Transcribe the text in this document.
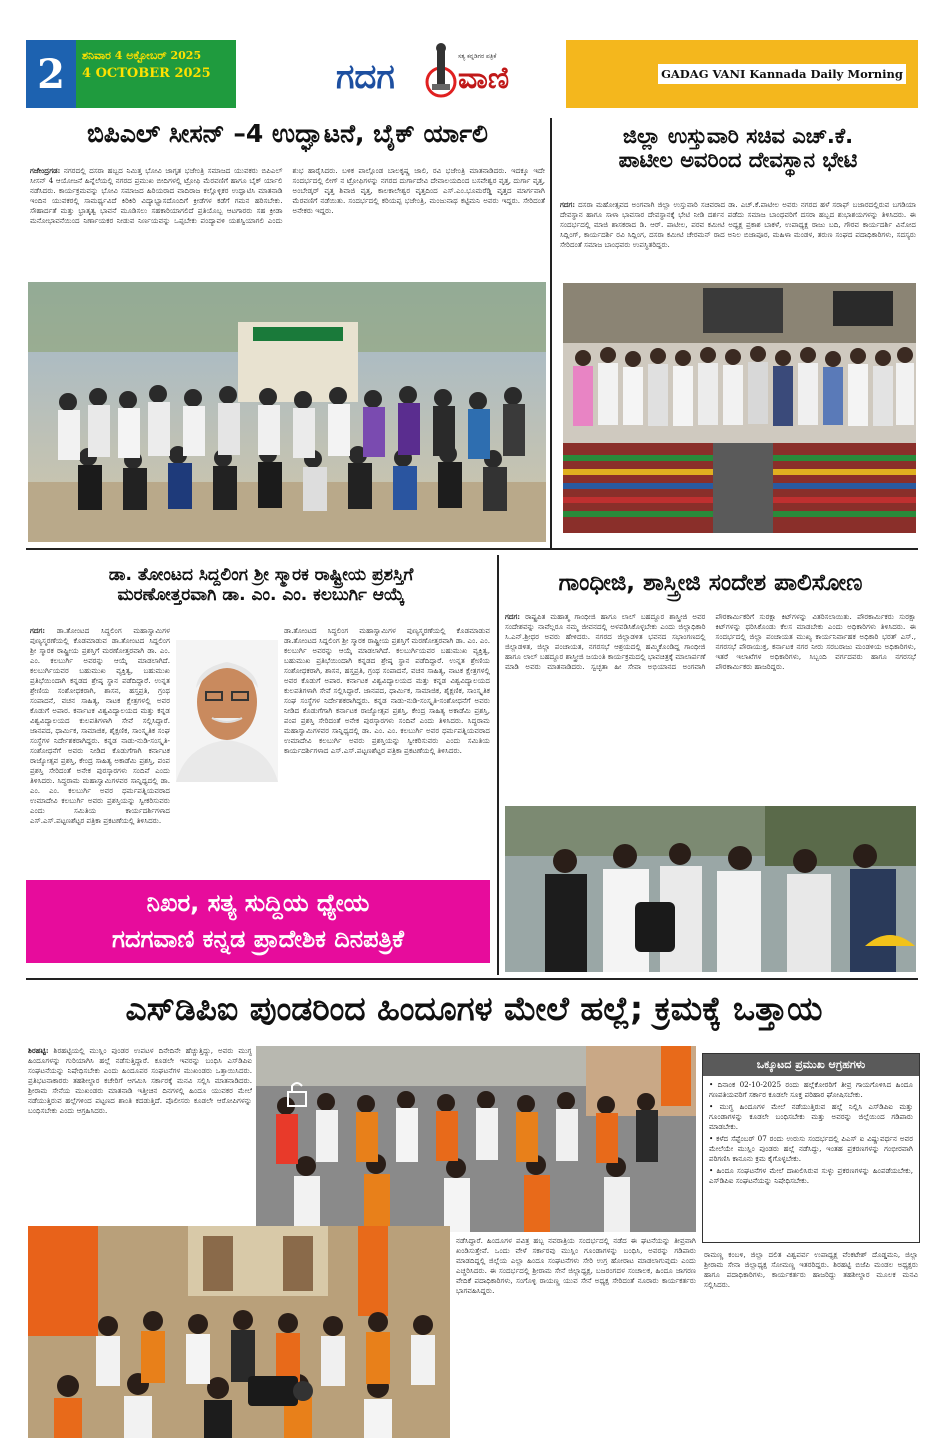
2	ಶನಿವಾರ 4 ಅಕ್ಟೋಬರ್ 2025
4 OCTOBER 2025	ಗದಗ ವಾಣಿ
ಸತ್ಯ ಕನ್ನಡಿಗರ ಪತ್ರಿಕೆ
GADAG VANI Kannada Daily Morning
ಬಿಪಿಎಲ್ ಸೀಸನ್ –4 ಉದ್ಘಾಟನೆ, ಬೈಕ್ ರ್ಯಾಲಿ
ಗಜೇಂದ್ರಗಡ: ನಗರದಲ್ಲಿ ದಸರಾ ಹಬ್ಬದ ನಿಮಿತ್ತ ಭೋವಿ ಜಾಗೃತ ಭಜೇಂತ್ರಿ ಸಮಾಜದ ಯುವಕರು ಬಿಪಿಎಲ್ ಸೀಸನ್ 4 ಆಯೋಜನೆ ಹಿನ್ನೆಲೆಯಲ್ಲಿ ನಗರದ ಪ್ರಮುಖ ಬೀದಿಗಳಲ್ಲಿ ಟ್ರೋಫಿ ಮೆರವಣಿಗೆ ಹಾಗೂ ಬೈಕ್ ರ್ಯಾಲಿ ನಡೆಸಿದರು. ಕಾರ್ಯಕ್ರಮವನ್ನು ಭೋವಿ ಸಮಾಜದ ಹಿರಿಯರಾದ ವಾದಿರಾಜ ಕಲ್ಲೊಳ್ಳಿಕರ ಉದ್ಘಾಟಿಸಿ ಮಾತನಾಡಿ ಇಂದಿನ ಯುವಕರಲ್ಲಿ ಸಾಮರ್ಥ್ಯವಿದೆ ಕಿರಿಕಿರಿ ವಿದ್ಯಾಭ್ಯಾಸದೊಂದಿಗೆ ಕ್ರೀಡೆಗಳ ಕಡೆಗೆ ಗಮನ ಹರಿಸಬೇಕು. ಸೌಹಾರ್ದತೆ ಮತ್ತು ಭ್ರಾತೃತ್ವ ಭಾವನೆ ಮೂಡಿಸಲು ಸಹಕಾರಿಯಾಗಲಿದೆ ಪ್ರತಿಯೊಬ್ಬ ಆಟಗಾರರು ಸಹ ಕ್ರೀಡಾ ಮನೋಭಾವನೆಯಿಂದ ನಿರ್ಣಾಯಕರ ನೀಡುವ ನಿರ್ಣಯವನ್ನು ಒಪ್ಪಬೇಕು ಪಂದ್ಯಾವಳಿ ಯಶಸ್ವಿಯಾಗಲಿ ಎಂದು ಶುಭ ಹಾರೈಸಿದರು. ಬಳಿಕ ಪಾಲ್ಗೊಂಡ ಬಾಲಕೃಷ್ಣ ಜಾಲಿ, ರವಿ ಭಜೇಂತ್ರಿ ಮಾತನಾಡಿದರು. ಇದಕ್ಕೂ ಇದೇ ಸಂದರ್ಭದಲ್ಲಿ ಲೀಗ್ ನ ಟ್ರೋಫಿಗಳನ್ನು ನಗರದ ದುರ್ಗಾದೇವಿ ದೇವಾಲಯದಿಂದ ಬಸವೇಶ್ವರ ವೃತ್ತ, ದುರ್ಗಾ ವೃತ್ತ, ಅಂಬೇಡ್ಕರ್ ವೃತ್ತ ಶಿವಾಜಿ ವೃತ್ತ, ಕಾಲಕಾಲೇಶ್ವರ ವೃತ್ತದಿಂದ ಎಸ್.ಎಂ.ಭೂಮರೆಡ್ಡಿ ವೃತ್ತದ ಮಾರ್ಗವಾಗಿ ಮೆರವಣಿಗೆ ನಡೆಯಿತು. ಸಂದರ್ಭದಲ್ಲಿ ಕರಿಯಪ್ಪ ಭಜೇಂತ್ರಿ, ಮಂಜುನಾಥ ಕಟ್ಟಿಮನಿ ಅವರು ಇದ್ದರು. ಸೇರಿದಂತೆ ಅನೇಕರು ಇದ್ದರು.
ಜಿಲ್ಲಾ ಉಸ್ತುವಾರಿ ಸಚಿವ ಎಚ್.ಕೆ.
ಪಾಟೀಲ ಅವರಿಂದ ದೇವಸ್ಥಾನ ಭೇಟಿ
ಗದಗ: ದಸರಾ ಮಹೋತ್ಸವದ ಅಂಗವಾಗಿ ಜಿಲ್ಲಾ ಉಸ್ತುವಾರಿ ಸಚಿವರಾದ ಡಾ. ಎಚ್.ಕೆ.ಪಾಟೀಲ ಅವರು ನಗರದ ಹಳೆ ಸರಾಫ್ ಬಜಾರದಲ್ಲಿರುವ ಬಗಡಿಯಾ ದೇವಸ್ಥಾನ ಹಾಗೂ ಸಾಳಾ ಭಾವಸಾರ ದೇವಸ್ಥಾನಕ್ಕೆ ಭೇಟಿ ನೀಡಿ ದರ್ಶನ ಪಡೆದು ಸಮಾಜ ಬಾಂಧವರಿಗೆ ದಸರಾ ಹಬ್ಬದ ಶುಭಾಶಯಗಳನ್ನು ತಿಳಿಸಿದರು. ಈ ಸಂದರ್ಭದಲ್ಲಿ ಮಾಜಿ ಶಾಸಕರಾದ ಡಿ. ಆರ್. ಪಾಟೀಲ, ಪರವ ಕಮೀಟಿ ಅಧ್ಯಕ್ಷ ಪ್ರಕಾಶ ಬಾಕಳೆ, ಉಪಾಧ್ಯಕ್ಷ ರಾಜು ಬದಿ, ಗೌರವ ಕಾರ್ಯದರ್ಶಿ ವಿನೋದ ಸಿದ್ಲಿಂಗ್, ಕಾರ್ಯದರ್ಶಿ ರವಿ ಸಿದ್ಲಿಂಗ, ದಸರಾ ಕಮೀಟಿ ಚೇರಮನ್ ರಾದ ಅನಿಲ ಬಿಜಾಪೂರ, ಮಹಿಳಾ ಮಂಡಳ, ತರುಣ ಸಂಘದ ಪದಾಧಿಕಾರಿಗಳು, ಸದಸ್ಯರು ಸೇರಿದಂತೆ ಸಮಾಜ ಬಾಂಧವರು ಉಪಸ್ಥಿತರಿದ್ದರು.
ಡಾ. ತೋಂಟದ ಸಿದ್ದಲಿಂಗ ಶ್ರೀ ಸ್ಮಾರಕ ರಾಷ್ಟ್ರೀಯ ಪ್ರಶಸ್ತಿಗೆ
ಮರಣೋತ್ತರವಾಗಿ ಡಾ. ಎಂ. ಎಂ. ಕಲಬುರ್ಗಿ ಆಯ್ಕೆ
ಗದಗ: ಡಾ.ತೋಂಟದ ಸಿದ್ಧಲಿಂಗ ಮಹಾಸ್ವಾಮಿಗಳ ಪುಣ್ಯಸ್ಮರಣೆಯಲ್ಲಿ ಕೊಡಮಾಡುವ ಡಾ.ತೋಂಟದ ಸಿದ್ದಲಿಂಗ ಶ್ರೀ ಸ್ಮಾರಕ ರಾಷ್ಟ್ರೀಯ ಪ್ರಶಸ್ತಿಗೆ ಮರಣೋತ್ತರವಾಗಿ ಡಾ. ಎಂ. ಎಂ. ಕಲಬುರ್ಗಿ ಅವರನ್ನು ಆಯ್ಕೆ ಮಾಡಲಾಗಿದೆ. ಕಲಬುರ್ಗಿಯವರ ಬಹುಮುಖ ವ್ಯಕ್ತಿತ್ವ, ಬಹುಮುಖ ಪ್ರತಿಭೆಯಿಂದಾಗಿ ಕನ್ನಡದ ಶ್ರೇಷ್ಠ ಸ್ಥಾನ ಪಡೆದಿದ್ದಾರೆ. ಉನ್ನತ ಶ್ರೇಣಿಯ ಸಂಶೋಧಕರಾಗಿ, ಶಾಸನ, ಹಸ್ತಪ್ರತಿ, ಗ್ರಂಥ ಸಂಪಾದನೆ, ವಚನ ಸಾಹಿತ್ಯ, ನಾಟಕ ಕ್ಷೇತ್ರಗಳಲ್ಲಿ ಅವರ ಕೊಡುಗೆ ಅಪಾರ. ಕರ್ನಾಟಕ ವಿಶ್ವವಿದ್ಯಾಲಯದ ಮತ್ತು ಕನ್ನಡ ವಿಶ್ವವಿದ್ಯಾಲಯದ ಕುಲಪತಿಗಳಾಗಿ ಸೇವೆ ಸಲ್ಲಿಸಿದ್ದಾರೆ. ಜಾನಪದ, ಧಾರ್ಮಿಕ, ಸಾಮಾಜಿಕ, ಶೈಕ್ಷಣಿಕ, ಸಾಂಸ್ಕೃತಿಕ ಸಂಘ ಸಂಸ್ಥೆಗಳ ನಿರ್ದೇಶಕರಾಗಿದ್ದರು. ಕನ್ನಡ ನಾಡು-ನುಡಿ-ಸಂಸ್ಕೃತಿ-ಸಂಶೋಧನೆಗೆ ಅವರು ನೀಡಿದ ಕೊಡುಗೆಗಾಗಿ ಕರ್ನಾಟಕ ರಾಜ್ಯೋತ್ಸವ ಪ್ರಶಸ್ತಿ, ಕೇಂದ್ರ ಸಾಹಿತ್ಯ ಅಕಾಡೆಮಿ ಪ್ರಶಸ್ತಿ, ಪಂಪ ಪ್ರಶಸ್ತಿ ಸೇರಿದಂತೆ ಅನೇಕ ಪುರಸ್ಕಾರಗಳು ಸಂದಿವೆ ಎಂದು ತಿಳಿಸಿದರು. ಸಿದ್ಧರಾಮ ಮಹಾಸ್ವಾಮಿಗಳವರ ಸಾನ್ನಿಧ್ಯದಲ್ಲಿ ಡಾ. ಎಂ. ಎಂ. ಕಲಬುರ್ಗಿ ಅವರ ಧರ್ಮಪತ್ನಿಯವರಾದ ಉಮಾದೇವಿ ಕಲಬುರ್ಗಿ ಅವರು ಪ್ರಶಸ್ತಿಯನ್ನು ಸ್ವೀಕರಿಸುವರು ಎಂದು ಸಮಿತಿಯ ಕಾರ್ಯದರ್ಶಿಗಳಾದ ಎಸ್.ಎಸ್.ಪಟ್ಟಣಶೆಟ್ಟರ ಪತ್ರಿಕಾ ಪ್ರಕಟಣೆಯಲ್ಲಿ ತಿಳಿಸಿದರು.
ಡಾ.ತೋಂಟದ ಸಿದ್ಧಲಿಂಗ ಮಹಾಸ್ವಾಮಿಗಳ ಪುಣ್ಯಸ್ಮರಣೆಯಲ್ಲಿ ಕೊಡಮಾಡುವ ಡಾ.ತೋಂಟದ ಸಿದ್ದಲಿಂಗ ಶ್ರೀ ಸ್ಮಾರಕ ರಾಷ್ಟ್ರೀಯ ಪ್ರಶಸ್ತಿಗೆ ಮರಣೋತ್ತರವಾಗಿ ಡಾ. ಎಂ. ಎಂ. ಕಲಬುರ್ಗಿ ಅವರನ್ನು ಆಯ್ಕೆ ಮಾಡಲಾಗಿದೆ. ಕಲಬುರ್ಗಿಯವರ ಬಹುಮುಖ ವ್ಯಕ್ತಿತ್ವ, ಬಹುಮುಖ ಪ್ರತಿಭೆಯಿಂದಾಗಿ ಕನ್ನಡದ ಶ್ರೇಷ್ಠ ಸ್ಥಾನ ಪಡೆದಿದ್ದಾರೆ. ಉನ್ನತ ಶ್ರೇಣಿಯ ಸಂಶೋಧಕರಾಗಿ, ಶಾಸನ, ಹಸ್ತಪ್ರತಿ, ಗ್ರಂಥ ಸಂಪಾದನೆ, ವಚನ ಸಾಹಿತ್ಯ, ನಾಟಕ ಕ್ಷೇತ್ರಗಳಲ್ಲಿ ಅವರ ಕೊಡುಗೆ ಅಪಾರ. ಕರ್ನಾಟಕ ವಿಶ್ವವಿದ್ಯಾಲಯದ ಮತ್ತು ಕನ್ನಡ ವಿಶ್ವವಿದ್ಯಾಲಯದ ಕುಲಪತಿಗಳಾಗಿ ಸೇವೆ ಸಲ್ಲಿಸಿದ್ದಾರೆ. ಜಾನಪದ, ಧಾರ್ಮಿಕ, ಸಾಮಾಜಿಕ, ಶೈಕ್ಷಣಿಕ, ಸಾಂಸ್ಕೃತಿಕ ಸಂಘ ಸಂಸ್ಥೆಗಳ ನಿರ್ದೇಶಕರಾಗಿದ್ದರು. ಕನ್ನಡ ನಾಡು-ನುಡಿ-ಸಂಸ್ಕೃತಿ-ಸಂಶೋಧನೆಗೆ ಅವರು ನೀಡಿದ ಕೊಡುಗೆಗಾಗಿ ಕರ್ನಾಟಕ ರಾಜ್ಯೋತ್ಸವ ಪ್ರಶಸ್ತಿ, ಕೇಂದ್ರ ಸಾಹಿತ್ಯ ಅಕಾಡೆಮಿ ಪ್ರಶಸ್ತಿ, ಪಂಪ ಪ್ರಶಸ್ತಿ ಸೇರಿದಂತೆ ಅನೇಕ ಪುರಸ್ಕಾರಗಳು ಸಂದಿವೆ ಎಂದು ತಿಳಿಸಿದರು. ಸಿದ್ಧರಾಮ ಮಹಾಸ್ವಾಮಿಗಳವರ ಸಾನ್ನಿಧ್ಯದಲ್ಲಿ ಡಾ. ಎಂ. ಎಂ. ಕಲಬುರ್ಗಿ ಅವರ ಧರ್ಮಪತ್ನಿಯವರಾದ ಉಮಾದೇವಿ ಕಲಬುರ್ಗಿ ಅವರು ಪ್ರಶಸ್ತಿಯನ್ನು ಸ್ವೀಕರಿಸುವರು ಎಂದು ಸಮಿತಿಯ ಕಾರ್ಯದರ್ಶಿಗಳಾದ ಎಸ್.ಎಸ್.ಪಟ್ಟಣಶೆಟ್ಟರ ಪತ್ರಿಕಾ ಪ್ರಕಟಣೆಯಲ್ಲಿ ತಿಳಿಸಿದರು.
ನಿಖರ, ಸತ್ಯ ಸುದ್ದಿಯ ಧ್ಯೇಯ
ಗದಗವಾಣಿ ಕನ್ನಡ ಪ್ರಾದೇಶಿಕ ದಿನಪತ್ರಿಕೆ
ಗಾಂಧೀಜಿ, ಶಾಸ್ತ್ರೀಜಿ ಸಂದೇಶ ಪಾಲಿಸೋಣ
ಗದಗ: ರಾಷ್ಟ್ರಪಿತ ಮಹಾತ್ಮ ಗಾಂಧೀಜಿ ಹಾಗೂ ಲಾಲ್ ಬಹದ್ದೂರ ಶಾಸ್ತ್ರೀಜಿ ಅವರ ಸಂದೇಶವನ್ನು ನಾವೆಲ್ಲರೂ ನಮ್ಮ ಜೀವನದಲ್ಲಿ ಅಳವಡಿಸಿಕೊಳ್ಳಬೇಕು ಎಂದು ಜಿಲ್ಲಾಧಿಕಾರಿ ಸಿ.ಎನ್.ಶ್ರೀಧರ ಅವರು ಹೇಳಿದರು. ನಗರದ ಜಿಲ್ಲಾಡಳಿತ ಭವನದ ಸಭಾಂಗಣದಲ್ಲಿ ಜಿಲ್ಲಾಡಳಿತ, ಜಿಲ್ಲಾ ಪಂಚಾಯತ, ನಗರಸಭೆ ಆಶ್ರಯದಲ್ಲಿ ಹಮ್ಮಿಕೊಂಡಿದ್ದ ಗಾಂಧೀಜಿ ಹಾಗೂ ಲಾಲ್ ಬಹದ್ದೂರ ಶಾಸ್ತ್ರೀಜಿ ಜಯಂತಿ ಕಾರ್ಯಕ್ರಮದಲ್ಲಿ ಭಾವಚಿತ್ರಕ್ಕೆ ಮಾಲಾರ್ಪಣೆ ಮಾಡಿ ಅವರು ಮಾತನಾಡಿದರು. ಸ್ವಚ್ಛತಾ ಹೀ ಸೇವಾ ಅಭಿಯಾನದ ಅಂಗವಾಗಿ ಪೌರಕಾರ್ಮಿಕರಿಗೆ ಸುರಕ್ಷಾ ಕಿಟ್‌ಗಳನ್ನು ವಿತರಿಸಲಾಯಿತು. ಪೌರಕಾರ್ಮಿಕರು ಸುರಕ್ಷಾ ಕಿಟ್‌ಗಳನ್ನು ಧರಿಸಿಕೊಂಡು ಕೆಲಸ ಮಾಡಬೇಕು ಎಂದು ಅಧಿಕಾರಿಗಳು ತಿಳಿಸಿದರು. ಈ ಸಂದರ್ಭದಲ್ಲಿ ಜಿಲ್ಲಾ ಪಂಚಾಯತ ಮುಖ್ಯ ಕಾರ್ಯನಿರ್ವಾಹಕ ಅಧಿಕಾರಿ ಭರತ್ ಎಸ್., ನಗರಸಭೆ ಪೌರಾಯುಕ್ತ, ಕರ್ನಾಟಕ ನಗರ ನೀರು ಸರಬರಾಜು ಮಂಡಳಿಯ ಅಧಿಕಾರಿಗಳು, ಇತರೆ ಇಲಾಖೆಗಳ ಅಧಿಕಾರಿಗಳು, ಸಿಬ್ಬಂದಿ ವರ್ಗದವರು ಹಾಗೂ ನಗರಸಭೆ ಪೌರಕಾರ್ಮಿಕರು ಹಾಜರಿದ್ದರು.
ಎಸ್‌ಡಿಪಿಐ ಪುಂಡರಿಂದ ಹಿಂದೂಗಳ ಮೇಲೆ ಹಲ್ಲೆ; ಕ್ರಮಕ್ಕೆ ಒತ್ತಾಯ
ಶಿರಹಟ್ಟಿ: ಶಿರಹಟ್ಟಿಯಲ್ಲಿ ಮುಸ್ಲಿಂ ಪುಂಡರ ಉಪಟಳ ದಿನೇದಿನೇ ಹೆಚ್ಚುತ್ತಿದ್ದು, ಅವರು ಮುಗ್ಧ ಹಿಂದೂಗಳನ್ನು ಗುರಿಯಾಗಿಸಿ ಹಲ್ಲೆ ನಡೆಸುತ್ತಿದ್ದಾರೆ. ಕೂಡಲೇ ಇವರನ್ನು ಬಂಧಿಸಿ ಎಸ್‌ಡಿಪಿಐ ಸಂಘಟನೆಯನ್ನು ನಿಷೇಧಿಸಬೇಕು ಎಂದು ಹಿಂದೂಪರ ಸಂಘಟನೆಗಳ ಮುಖಂಡರು ಒತ್ತಾಯಿಸಿದರು. ಪ್ರತಿಭಟನಾಕಾರರು ತಹಶೀಲ್ದಾರ ಕಚೇರಿಗೆ ಆಗಮಿಸಿ ಸರ್ಕಾರಕ್ಕೆ ಮನವಿ ಸಲ್ಲಿಸಿ ಮಾತನಾಡಿದರು. ಶ್ರೀರಾಮ ಸೇನೆಯ ಮುಖಂಡರು ಮಾತನಾಡಿ ಇತ್ತೀಚಿನ ದಿನಗಳಲ್ಲಿ ಹಿಂದೂ ಯುವಕರ ಮೇಲೆ ನಡೆಯುತ್ತಿರುವ ಹಲ್ಲೆಗಳಿಂದ ಪಟ್ಟಣದ ಶಾಂತಿ ಕದಡುತ್ತಿದೆ. ಪೊಲೀಸರು ಕೂಡಲೇ ಆರೋಪಿಗಳನ್ನು ಬಂಧಿಸಬೇಕು ಎಂದು ಆಗ್ರಹಿಸಿದರು.
ನಡೆಸಿದ್ದಾರೆ. ಹಿಂದೂಗಳ ಪವಿತ್ರ ಹಬ್ಬ ನವರಾತ್ರಿಯ ಸಂದರ್ಭದಲ್ಲಿ ನಡೆದ ಈ ಘಟನೆಯನ್ನು ತೀವ್ರವಾಗಿ ಖಂಡಿಸುತ್ತೇವೆ. ಒಂದು ವೇಳೆ ಸರ್ಕಾರವು ಮುಸ್ಲಿಂ ಗೂಂಡಾಗಳನ್ನು ಬಂಧಿಸಿ, ಅವರನ್ನು ಗಡಿಪಾರು ಮಾಡದಿದ್ದಲ್ಲಿ ಜಿಲ್ಲೆಯ ಎಲ್ಲಾ ಹಿಂದೂ ಸಂಘಟನೆಗಳು ಸೇರಿ ಉಗ್ರ ಹೋರಾಟ ಮಾಡಲಾಗುವುದು ಎಂದು ಎಚ್ಚರಿಸಿದರು. ಈ ಸಂದರ್ಭದಲ್ಲಿ ಶ್ರೀರಾಮ ಸೇನೆ ಜಿಲ್ಲಾಧ್ಯಕ್ಷ, ಬಜರಂಗದಳ ಸಂಚಾಲಕ, ಹಿಂದೂ ಜಾಗರಣ ವೇದಿಕೆ ಪದಾಧಿಕಾರಿಗಳು, ಸಂಗೊಳ್ಳಿ ರಾಯಣ್ಣ ಯುವ ಸೇನೆ ಅಧ್ಯಕ್ಷ ಸೇರಿದಂತೆ ನೂರಾರು ಕಾರ್ಯಕರ್ತರು ಭಾಗವಹಿಸಿದ್ದರು.
ಒಕ್ಕೂಟದ ಪ್ರಮುಖ ಆಗ್ರಹಗಳು
• ದಿನಾಂಕ 02-10-2025 ರಂದು ಹಲ್ಲೆಕೋರರಿಗೆ ತೀವ್ರ ಗಾಯಗೊಳಿಸಿದ ಹಿಂದೂ ಗಣಪತಿಯವರಿಗೆ ಸರ್ಕಾರ ಕೂಡಲೇ ಸೂಕ್ತ ಪರಿಹಾರ ಘೋಷಿಸಬೇಕು.
• ಮುಗ್ಧ ಹಿಂದೂಗಳ ಮೇಲೆ ನಡೆಯುತ್ತಿರುವ ಹಲ್ಲೆ ನಿಲ್ಲಿಸಿ ಎಸ್‌ಡಿಪಿಐ ಮತ್ತು ಗೂಂಡಾಗಳನ್ನು ಕೂಡಲೇ ಬಂಧಿಸಬೇಕು ಮತ್ತು ಅವರನ್ನು ಜಿಲ್ಲೆಯಿಂದ ಗಡಿಪಾರು ಮಾಡಬೇಕು.
• ಕಳೆದ ಸೆಪ್ಟೆಂಬರ್ 07 ರಂದು ಉರುಸು ಸಂದರ್ಭದಲ್ಲಿ ಪಿಎಸ್ ಐ ವಿಷ್ಣುವರ್ಧನ ಅವರ ಮೇಲೆಯೇ ಮುಸ್ಲಿಂ ಪುಂಡರು ಹಲ್ಲೆ ನಡೆಸಿದ್ದು, ಇಂತಹ ಪ್ರಕರಣಗಳನ್ನು ಗಂಭೀರವಾಗಿ ಪರಿಗಣಿಸಿ ಕಾನೂನು ಕ್ರಮ ಕೈಗೊಳ್ಳಬೇಕು.
• ಹಿಂದೂ ಸಂಘಟನೆಗಳ ಮೇಲೆ ದಾಖಲಿಸಿರುವ ಸುಳ್ಳು ಪ್ರಕರಣಗಳನ್ನು ಹಿಂಪಡೆಯಬೇಕು, ಎಸ್‌ಡಿಪಿಐ ಸಂಘಟನೆಯನ್ನು ನಿಷೇಧಿಸಬೇಕು.
ರಾಮಣ್ಣ ಕಂಬಳಿ, ಜಿಲ್ಲಾ ದಲಿತ ವಿಶ್ವಪರ್ವ ಉಪಾಧ್ಯಕ್ಷ ವೆಂಕಟೇಶ್ ದೊಡ್ಡಮನಿ, ಜಿಲ್ಲಾ ಶ್ರೀರಾಮ ಸೇನಾ ಜಿಲ್ಲಾಧ್ಯಕ್ಷ ಸೋಮಣ್ಣ ಇತರರಿದ್ದರು. ಶಿರಹಟ್ಟಿ ಬಿಜೆಪಿ ಮಂಡಲ ಅಧ್ಯಕ್ಷರು ಹಾಗೂ ಪದಾಧಿಕಾರಿಗಳು, ಕಾರ್ಯಕರ್ತರು ಹಾಜರಿದ್ದು ತಹಶೀಲ್ದಾರ ಮೂಲಕ ಮನವಿ ಸಲ್ಲಿಸಿದರು.
